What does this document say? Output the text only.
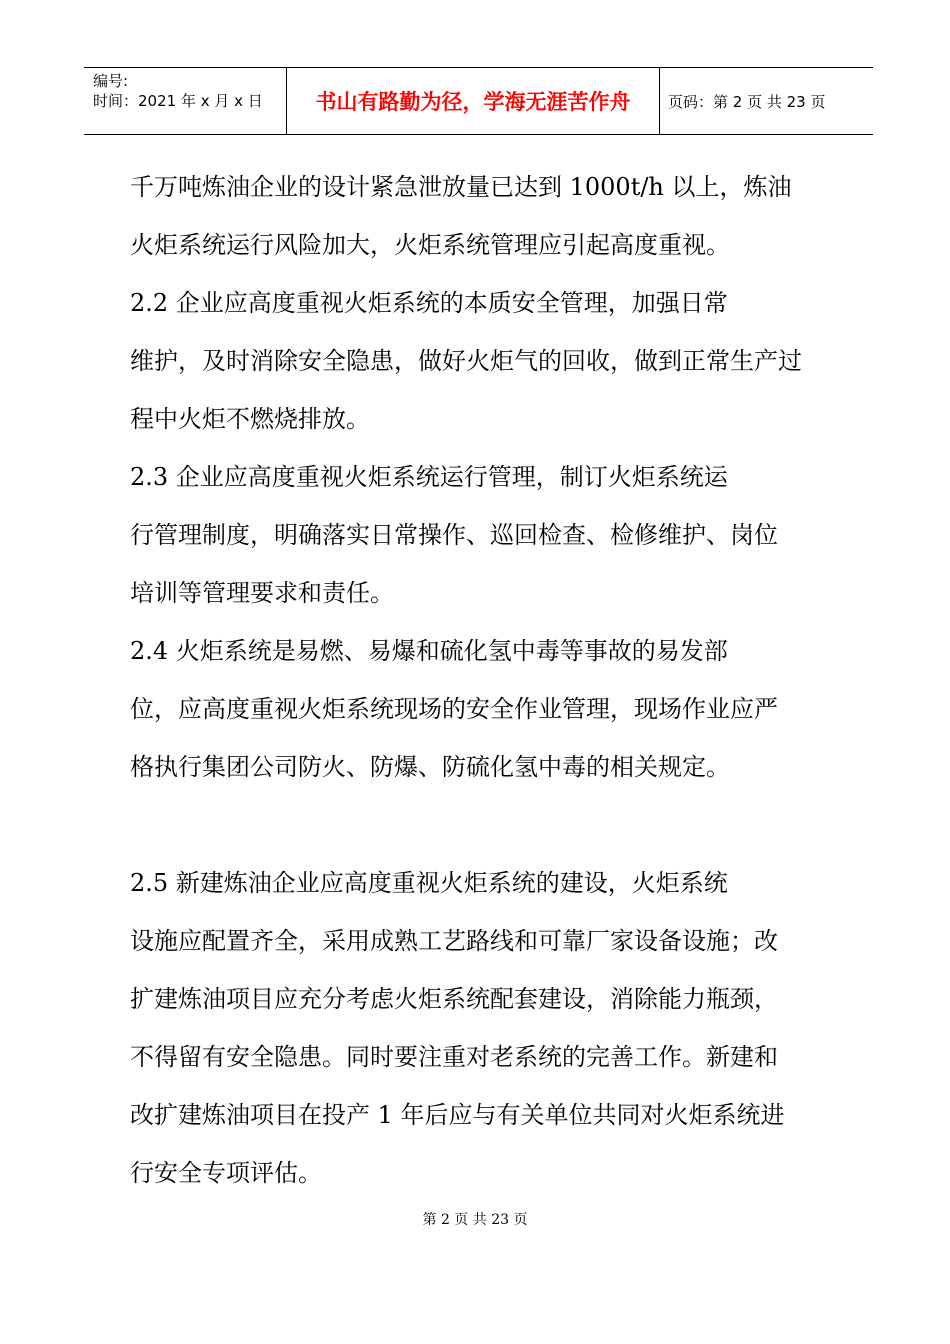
编号:
时间：2021 年 x 月 x 日	书山有路勤为径，学海无涯苦作舟	页码：第 2 页 共 23 页
千万吨炼油企业的设计紧急泄放量已达到 1000t/h 以上，炼油
火炬系统运行风险加大，火炬系统管理应引起高度重视。
2.2 企业应高度重视火炬系统的本质安全管理，加强日常
维护，及时消除安全隐患，做好火炬气的回收，做到正常生产过
程中火炬不燃烧排放。
2.3 企业应高度重视火炬系统运行管理，制订火炬系统运
行管理制度，明确落实日常操作、巡回检查、检修维护、岗位
培训等管理要求和责任。
2.4 火炬系统是易燃、易爆和硫化氢中毒等事故的易发部
位，应高度重视火炬系统现场的安全作业管理，现场作业应严
格执行集团公司防火、防爆、防硫化氢中毒的相关规定。
2.5 新建炼油企业应高度重视火炬系统的建设，火炬系统
设施应配置齐全，采用成熟工艺路线和可靠厂家设备设施；改
扩建炼油项目应充分考虑火炬系统配套建设，消除能力瓶颈，
不得留有安全隐患。同时要注重对老系统的完善工作。新建和
改扩建炼油项目在投产 1 年后应与有关单位共同对火炬系统进
行安全专项评估。
第 2 页 共 23 页
